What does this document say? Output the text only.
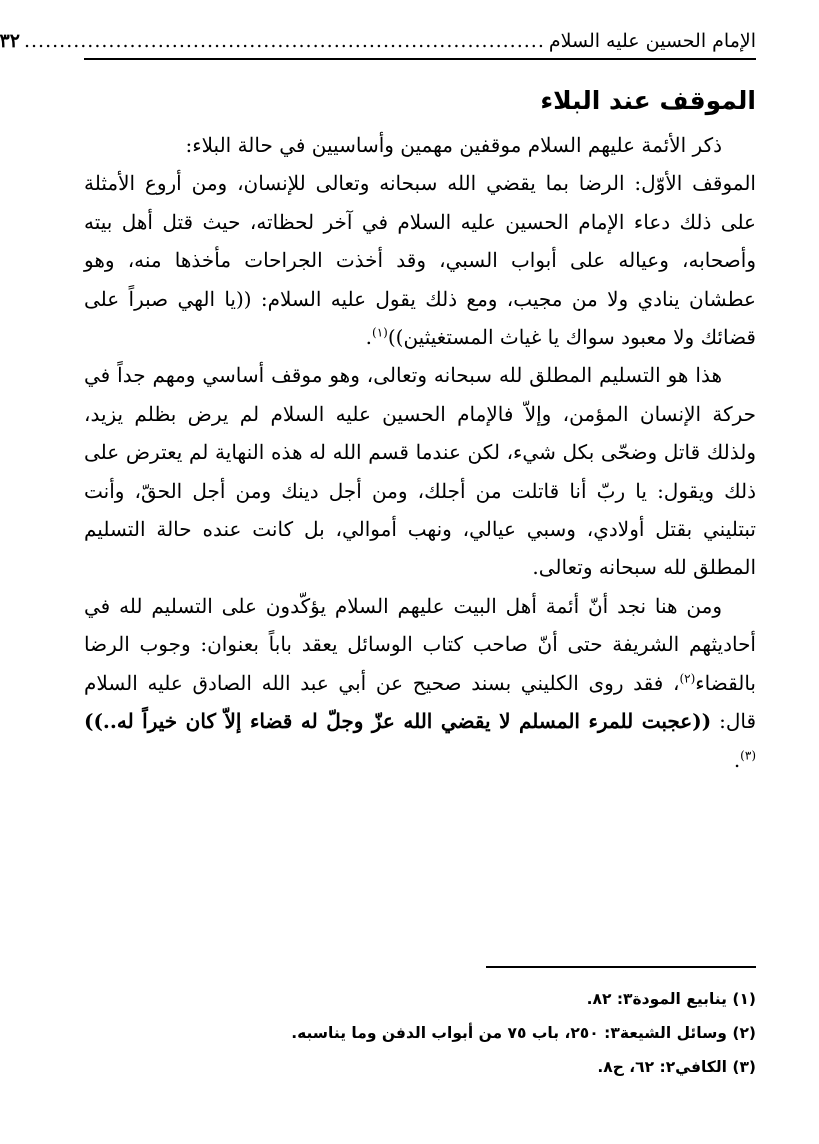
الإمام الحسين عليه السلام
..........................................................................
٣٢
الموقف عند البلاء

ذكر الأئمة عليهم السلام موقفين مهمين وأساسيين في حالة البلاء:

الموقف الأوّل: الرضا بما يقضي الله سبحانه وتعالى للإنسان، ومن أروع الأمثلة على ذلك دعاء الإمام الحسين عليه السلام في آخر لحظاته، حيث قتل أهل بيته وأصحابه، وعياله على أبواب السبي، وقد أخذت الجراحات مأخذها منه، وهو عطشان ينادي ولا من مجيب، ومع ذلك يقول عليه السلام: ((يا الهي صبراً على قضائك ولا معبود سواك يا غياث المستغيثين))$^{(١)}$.

هذا هو التسليم المطلق لله سبحانه وتعالى، وهو موقف أساسي ومهم جداً في حركة الإنسان المؤمن، وإلاّ فالإمام الحسين عليه السلام لم يرض بظلم يزيد، ولذلك قاتل وضحّى بكل شيء، لكن عندما قسم الله له هذه النهاية لم يعترض على ذلك ويقول: يا ربّ أنا قاتلت من أجلك، ومن أجل دينك ومن أجل الحقّ، وأنت تبتليني بقتل أولادي، وسبي عيالي، ونهب أموالي، بل كانت عنده حالة التسليم المطلق لله سبحانه وتعالى.

ومن هنا نجد أنّ أئمة أهل البيت عليهم السلام يؤكّدون على التسليم لله في أحاديثهم الشريفة حتى أنّ صاحب كتاب الوسائل يعقد باباً بعنوان: وجوب الرضا بالقضاء$^{(٢)}$، فقد روى الكليني بسند صحيح عن أبي عبد الله الصادق عليه السلام قال: ((عجبت للمرء المسلم لا يقضي الله عزّ وجلّ له قضاء إلاّ كان خيراً له..))$^{(٣)}$.

(١) ينابيع المودة٣: ٨٢.

(٢) وسائل الشيعة٣: ٢٥٠، باب ٧٥ من أبواب الدفن وما يناسبه.

(٣) الكافي٢: ٦٢، ح٨.
